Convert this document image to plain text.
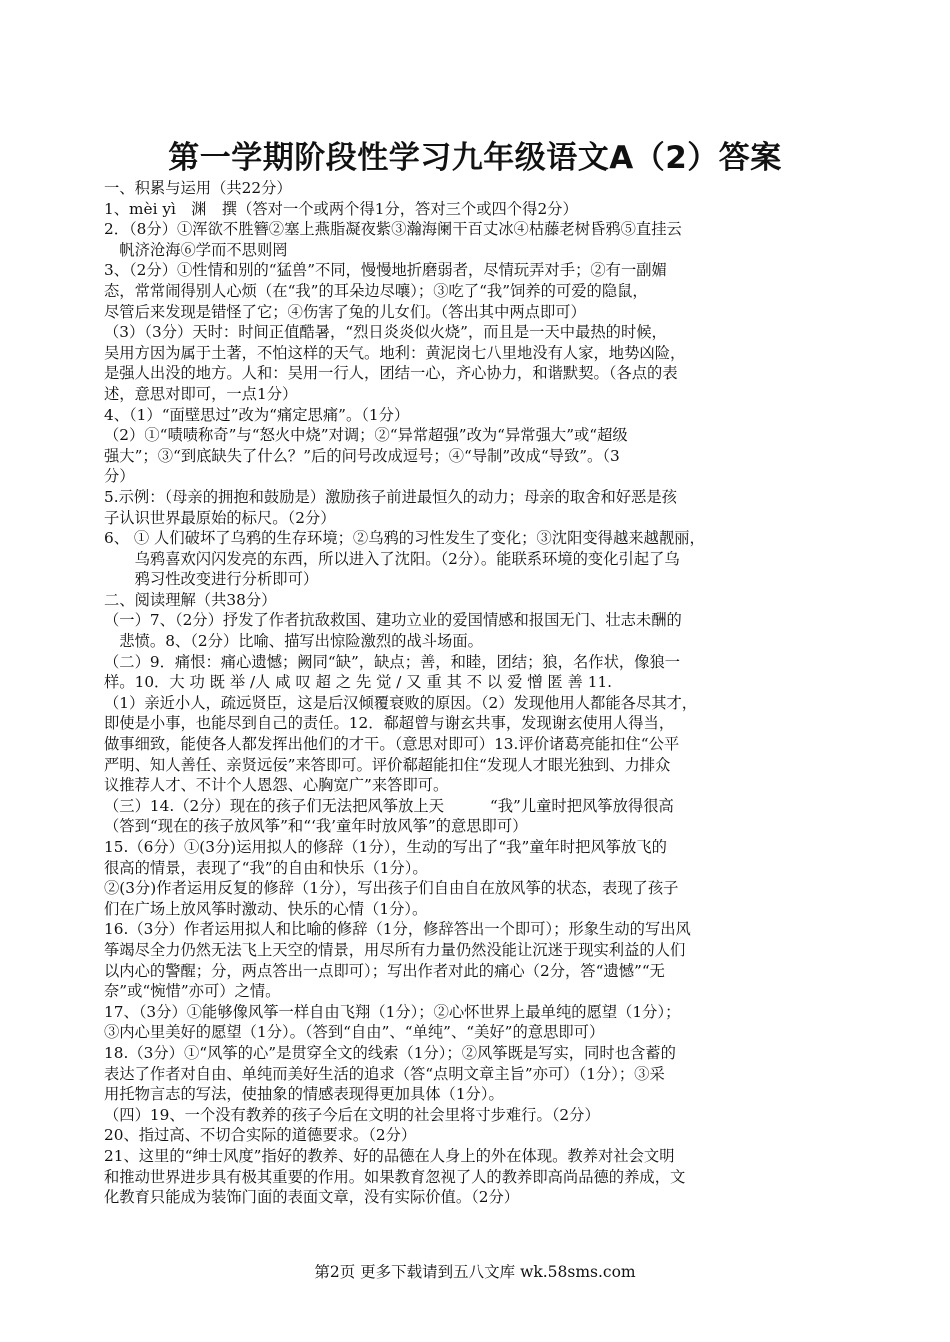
第一学期阶段性学习九年级语文A（2）答案

一、积累与运用（共22分）

1、mèi yì　渊　撰（答对一个或两个得1分，答对三个或四个得2分）

2．（8分）①浑欲不胜簪②塞上燕脂凝夜紫③瀚海阑干百丈冰④枯藤老树昏鸦⑤直挂云

　帆济沧海⑥学而不思则罔

3、（2分）①性情和别的“猛兽”不同，慢慢地折磨弱者，尽情玩弄对手；②有一副媚

态，常常闹得别人心烦（在“我”的耳朵边尽嚷）；③吃了“我”饲养的可爱的隐鼠，

尽管后来发现是错怪了它；④伤害了兔的儿女们。（答出其中两点即可）

（3）（3分）天时：时间正值酷暑，“烈日炎炎似火烧”，而且是一天中最热的时候，

吴用方因为属于土著，不怕这样的天气。地利：黄泥岗七八里地没有人家，地势凶险，

是强人出没的地方。人和：吴用一行人，团结一心，齐心协力，和谐默契。（各点的表

述，意思对即可，一点1分）

4、（1）“面壁思过”改为“痛定思痛”。（1分）

（2）①“啧啧称奇”与“怒火中烧”对调；②“异常超强”改为“异常强大”或“超级

强大”；③“到底缺失了什么？”后的问号改成逗号；④“导制”改成“导致”。（3

分）

5.示例：（母亲的拥抱和鼓励是）激励孩子前进最恒久的动力；母亲的取舍和好恶是孩

子认识世界最原始的标尺。（2分）

6、 ① 人们破坏了乌鸦的生存环境；②乌鸦的习性发生了变化；③沈阳变得越来越靓丽，

　　乌鸦喜欢闪闪发亮的东西，所以进入了沈阳。（2分）。能联系环境的变化引起了乌

　　鸦习性改变进行分析即可）

二、阅读理解（共38分）

（一）7、（2分）抒发了作者抗敌救国、建功立业的爱国情感和报国无门、壮志未酬的

　悲愤。8、（2分）比喻、描写出惊险激烈的战斗场面。

（二）9．痛恨：痛心遗憾；阙同“缺”，缺点；善，和睦，团结；狼，名作状，像狼一

样。10．大 功 既 举 /人 咸 叹 超 之 先 觉 / 又 重 其 不 以 爱 憎 匿 善 11.

（1）亲近小人，疏远贤臣，这是后汉倾覆衰败的原因。（2）发现他用人都能各尽其才，

即使是小事，也能尽到自己的责任。12．郗超曾与谢玄共事，发现谢玄使用人得当，

做事细致，能使各人都发挥出他们的才干。（意思对即可）13.评价诸葛亮能扣住“公平

严明、知人善任、亲贤远佞”来答即可。评价郗超能扣住“发现人才眼光独到、力排众

议推荐人才、不计个人恩怨、心胸宽广”来答即可。

（三）14.（2分）现在的孩子们无法把风筝放上天　　　“我”儿童时把风筝放得很高

（答到“现在的孩子放风筝”和“‘我’童年时放风筝”的意思即可）

15.（6分）①(3分)运用拟人的修辞（1分），生动的写出了“我”童年时把风筝放飞的

很高的情景，表现了“我”的自由和快乐（1分）。

②(3分)作者运用反复的修辞（1分），写出孩子们自由自在放风筝的状态，表现了孩子

们在广场上放风筝时激动、快乐的心情（1分）。

16.（3分）作者运用拟人和比喻的修辞（1分，修辞答出一个即可）；形象生动的写出风

筝竭尽全力仍然无法飞上天空的情景，用尽所有力量仍然没能让沉迷于现实利益的人们

以内心的警醒；分，两点答出一点即可）；写出作者对此的痛心（2分，答“遗憾”“无

奈”或“惋惜”亦可）之情。

17、（3分）①能够像风筝一样自由飞翔（1分）；②心怀世界上最单纯的愿望（1分）；

③内心里美好的愿望（1分）。（答到“自由”、“单纯”、“美好”的意思即可）

18.（3分）①“风筝的心”是贯穿全文的线索（1分）；②风筝既是写实，同时也含蓄的

表达了作者对自由、单纯而美好生活的追求（答“点明文章主旨”亦可）（1分）；③采

用托物言志的写法，使抽象的情感表现得更加具体（1分）。

（四）19、一个没有教养的孩子今后在文明的社会里将寸步难行。（2分）

20、指过高、不切合实际的道德要求。（2分）

21、这里的“绅士风度”指好的教养、好的品德在人身上的外在体现。教养对社会文明

和推动世界进步具有极其重要的作用。如果教育忽视了人的教养即高尚品德的养成，文

化教育只能成为装饰门面的表面文章，没有实际价值。（2分）

第2页 更多下载请到五八文库 wk.58sms.com
